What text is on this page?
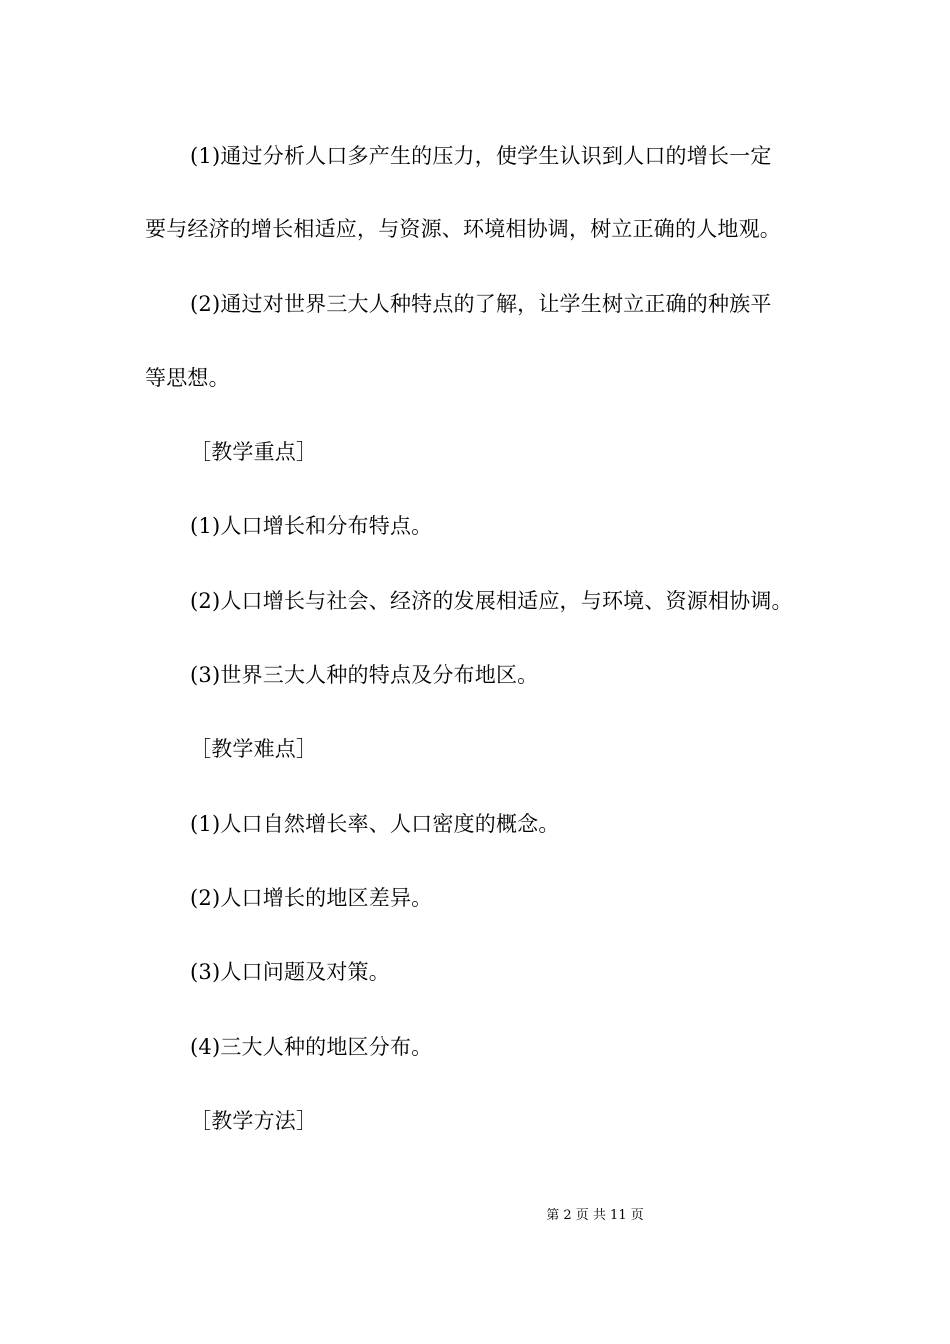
(1)通过分析人口多产生的压力，使学生认识到人口的增长一定
要与经济的增长相适应，与资源、环境相协调，树立正确的人地观。
(2)通过对世界三大人种特点的了解，让学生树立正确的种族平
等思想。
［教学重点］
(1)人口增长和分布特点。
(2)人口增长与社会、经济的发展相适应，与环境、资源相协调。
(3)世界三大人种的特点及分布地区。
［教学难点］
(1)人口自然增长率、人口密度的概念。
(2)人口增长的地区差异。
(3)人口问题及对策。
(4)三大人种的地区分布。
［教学方法］
第 2 页 共 11 页
